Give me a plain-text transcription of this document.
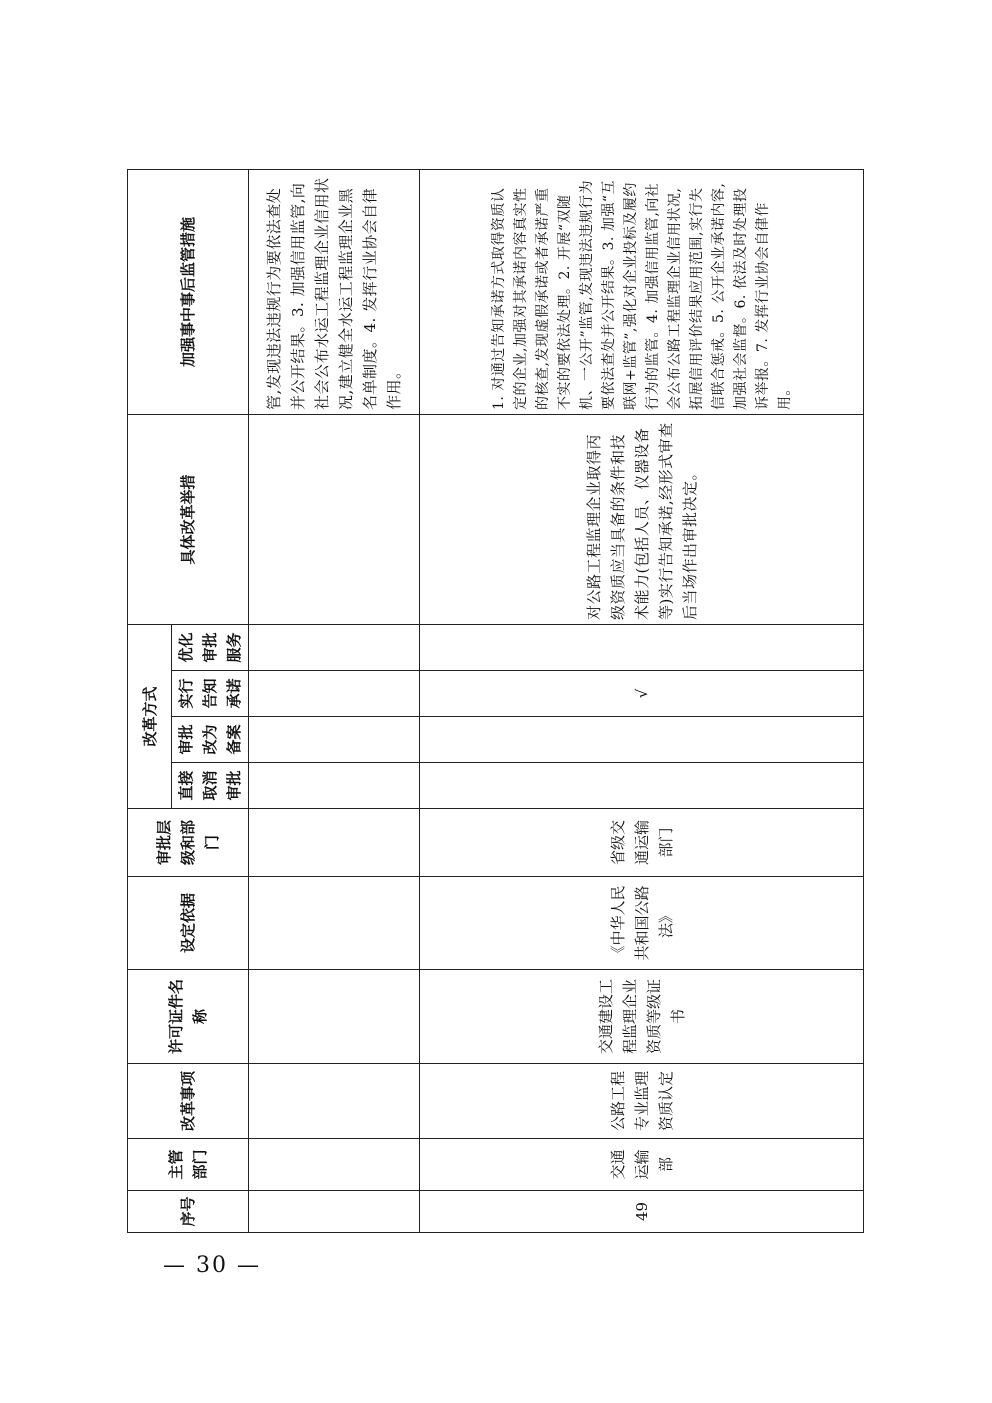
序号	主管部门	改革事项	许可证件名称	设定依据	审批层级和部门	改革方式				具体改革举措	加强事中事后监管措施
						直接取消审批	审批改为备案	实行告知承诺	优化审批服务		
											管,发现违法违规行为要依法查处并公开结果。3. 加强信用监管,向社会公布水运工程监理企业信用状况,建立健全水运工程监理企业黑名单制度。4. 发挥行业协会自律作用。
49	交通运输部	公路工程专业监理资质认定	交通建设工程监理企业资质等级证书	《中华人民共和国公路法》	省级交通运输部门			√		对公路工程监理企业取得丙级资质应当具备的条件和技术能力(包括人员、仪器设备等)实行告知承诺,经形式审查后当场作出审批决定。	1. 对通过告知承诺方式取得资质认定的企业,加强对其承诺内容真实性的核查,发现虚假承诺或者承诺严重不实的要依法处理。2. 开展“双随机、一公开”监管,发现违法违规行为要依法查处并公开结果。3. 加强“互联网+监管”,强化对企业投标及履约行为的监管。4. 加强信用监管,向社会公布公路工程监理企业信用状况,拓展信用评价结果应用范围,实行失信联合惩戒。5. 公开企业承诺内容,加强社会监督。6. 依法及时处理投诉举报。7. 发挥行业协会自律作用。
— 30 —
